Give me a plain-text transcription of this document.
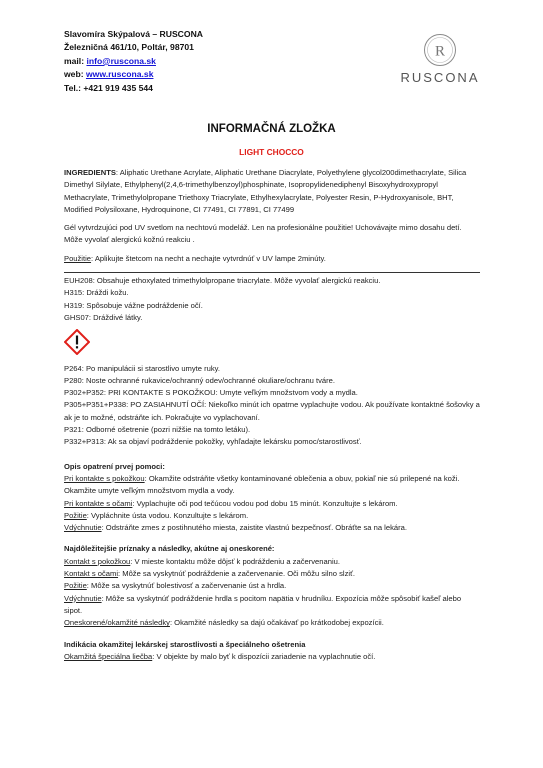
Slavomíra Skýpalová – RUSCONA
Železničná 461/10, Poltár, 98701
mail: info@ruscona.sk
web: www.ruscona.sk
Tel.: +421 919 435 544
R
RUSCONA
INFORMAČNÁ ZLOŽKA
LIGHT CHOCCO

INGREDIENTS: Aliphatic Urethane Acrylate, Aliphatic Urethane Diacrylate, Polyethylene glycol200dimethacrylate, Silica Dimethyl Silylate, Ethylphenyl(2,4,6-trimethylbenzoyl)phosphinate, Isopropylidenediphenyl Bisoxyhydroxypropyl Methacrylate, Trimethylolpropane Triethoxy Triacrylate, Ethylhexylacrylate, Polyester Resin, P-Hydroxyanisole, BHT, Modified Polysiloxane, Hydroquinone, CI 77491, CI 77891, CI 77499

Gél vytvrdzujúci pod UV svetlom na nechtovú modeláž. Len na profesionálne použitie! Uchovávajte mimo dosahu detí. Môže vyvolať alergickú kožnú reakciu .

Použitie: Aplikujte štetcom na necht a nechajte vytvrdnúť v UV lampe 2minúty.

EUH208: Obsahuje ethoxylated trimethylolpropane triacrylate. Môže vyvolať alergickú reakciu.

H315: Dráždi kožu.

H319: Spôsobuje vážne podráždenie očí.

GHS07: Dráždivé látky.

P264: Po manipulácii si starostlivo umyte ruky.

P280: Noste ochranné rukavice/ochranný odev/ochranné okuliare/ochranu tváre.

P302+P352: PRI KONTAKTE S POKOŽKOU: Umyte veľkým množstvom vody a mydla.

P305+P351+P338: PO ZASIAHNUTÍ OČÍ: Niekoľko minút ich opatrne vyplachujte vodou. Ak používate kontaktné šošovky a ak je to možné, odstráňte ich. Pokračujte vo vyplachovaní.

P321: Odborné ošetrenie (pozri nižšie na tomto letáku).

P332+P313: Ak sa objaví podráždenie pokožky, vyhľadajte lekársku pomoc/starostlivosť.

Opis opatrení prvej pomoci:

Pri kontakte s pokožkou: Okamžite odstráňte všetky kontaminované oblečenia a obuv, pokiaľ nie sú prilepené na koži. Okamžite umyte veľkým množstvom mydla a vody.

Pri kontakte s očami: Vyplachujte oči pod tečúcou vodou pod dobu 15 minút. Konzultujte s lekárom.

Požitie: Vypláchnite ústa vodou. Konzultujte s lekárom.

Vdýchnutie: Odstráňte zmes z postihnutého miesta, zaistite vlastnú bezpečnosť. Obráťte sa na lekára.

Najdôležitejšie príznaky a následky, akútne aj oneskorené:

Kontakt s pokožkou: V mieste kontaktu môže dôjsť k podráždeniu a začervenaniu.

Kontakt s očami: Môže sa vyskytnúť podráždenie a začervenanie. Oči môžu silno slziť.

Požitie: Môže sa vyskytnúť bolestivosť a začervenanie úst a hrdla.

Vdýchnutie: Môže sa vyskytnúť podráždenie hrdla s pocitom napätia v hrudníku. Expozícia môže spôsobiť kašeľ alebo sipot.

Oneskorené/okamžité následky: Okamžité následky sa dajú očakávať po krátkodobej expozícii.

Indikácia okamžitej lekárskej starostlivosti a špeciálneho ošetrenia

Okamžitá špeciálna liečba: V objekte by malo byť k dispozícii zariadenie na vyplachnutie očí.
